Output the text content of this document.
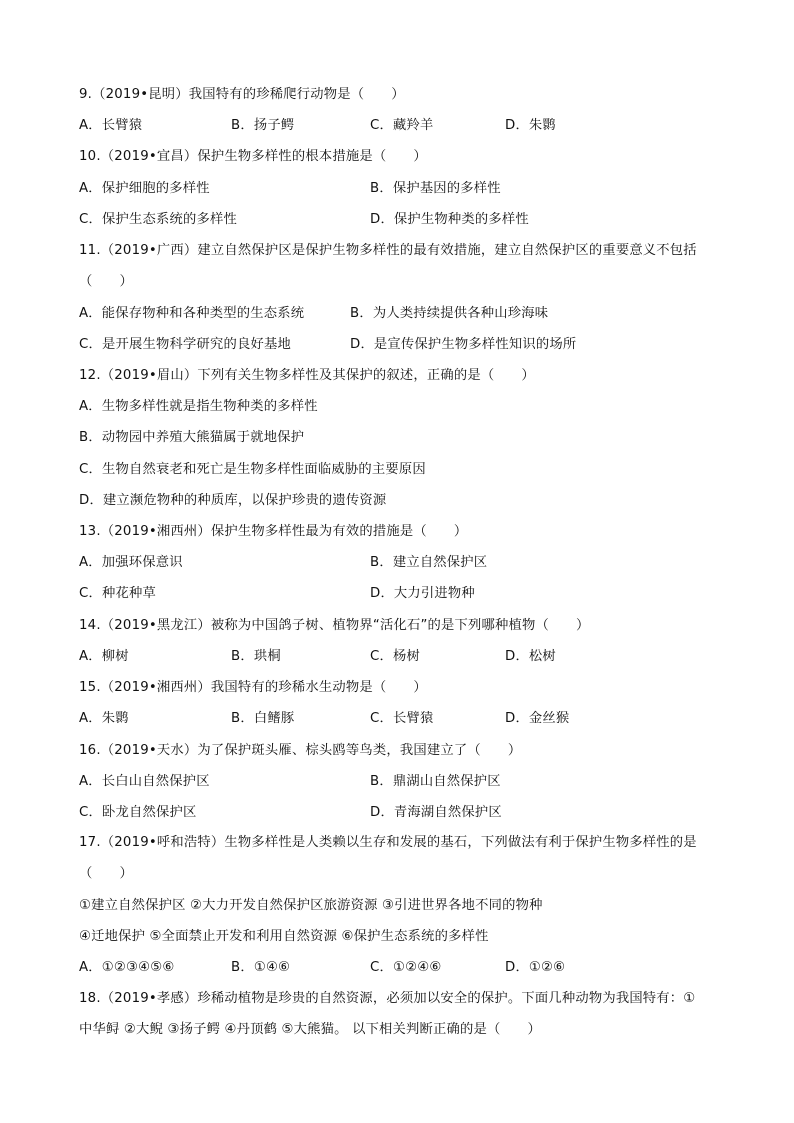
9.（2019•昆明）我国特有的珍稀爬行动物是（　　）
A．长臂猿	B．扬子鳄	C．藏羚羊	D．朱鹮
10.（2019•宜昌）保护生物多样性的根本措施是（　　）
A．保护细胞的多样性	B．保护基因的多样性
C．保护生态系统的多样性	D．保护生物种类的多样性
11.（2019•广西）建立自然保护区是保护生物多样性的最有效措施，建立自然保护区的重要意义不包括
（　　）
A．能保存物种和各种类型的生态系统	B．为人类持续提供各种山珍海味
C．是开展生物科学研究的良好基地	D．是宣传保护生物多样性知识的场所
12.（2019•眉山）下列有关生物多样性及其保护的叙述，正确的是（　　）
A．生物多样性就是指生物种类的多样性
B．动物园中养殖大熊猫属于就地保护
C．生物自然衰老和死亡是生物多样性面临威胁的主要原因
D．建立濒危物种的种质库，以保护珍贵的遗传资源
13.（2019•湘西州）保护生物多样性最为有效的措施是（　　）
A．加强环保意识	B．建立自然保护区
C．种花种草	D．大力引进物种
14.（2019•黑龙江）被称为中国鸽子树、植物界“活化石”的是下列哪种植物（　　）
A．柳树	B．珙桐	C．杨树	D．松树
15.（2019•湘西州）我国特有的珍稀水生动物是（　　）
A．朱鹮	B．白鳍豚	C．长臂猿	D．金丝猴
16.（2019•天水）为了保护斑头雁、棕头鸥等鸟类，我国建立了（　　）
A．长白山自然保护区	B．鼎湖山自然保护区
C．卧龙自然保护区	D．青海湖自然保护区
17.（2019•呼和浩特）生物多样性是人类赖以生存和发展的基石，下列做法有利于保护生物多样性的是
（　　）
①建立自然保护区 ②大力开发自然保护区旅游资源 ③引进世界各地不同的物种
④迁地保护 ⑤全面禁止开发和利用自然资源 ⑥保护生态系统的多样性
A．①②③④⑤⑥	B．①④⑥	C．①②④⑥	D．①②⑥
18.（2019•孝感）珍稀动植物是珍贵的自然资源，必须加以安全的保护。下面几种动物为我国特有：①
中华鲟 ②大鲵 ③扬子鳄 ④丹顶鹤 ⑤大熊猫。 以下相关判断正确的是（　　）
